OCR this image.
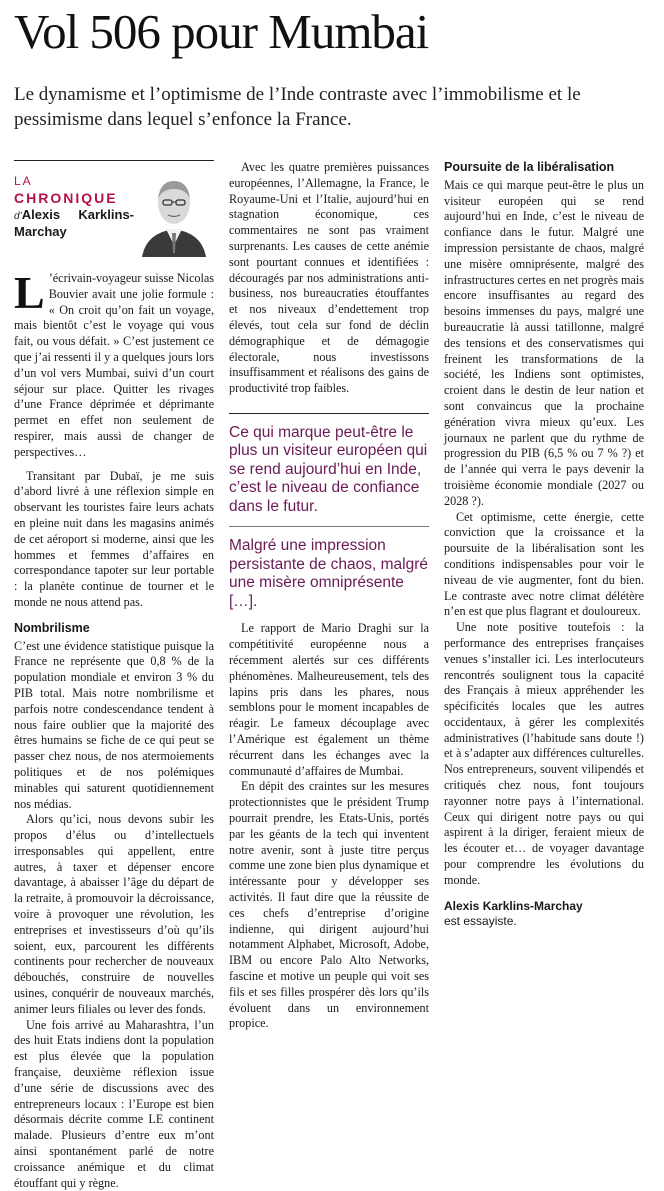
Vol 506 pour Mumbai

Le dynamisme et l’optimisme de l’Inde contraste avec l’immobilisme et le pessimisme dans lequel s’enfonce la France.

LA
CHRONIQUE
d’Alexis Karklins-Marchay

L ’écrivain-voyageur suisse Nicolas Bouvier avait une jolie formule : « On croit qu’on fait un voyage, mais bientôt c’est le voyage qui vous fait, ou vous défait. » C’est justement ce que j’ai ressenti il y a quelques jours lors d’un vol vers Mumbai, suivi d’un court séjour sur place. Quitter les rivages d’une France déprimée et déprimante permet en effet non seulement de respirer, mais aussi de changer de perspectives…

Transitant par Dubaï, je me suis d’abord livré à une réflexion simple en observant les touristes faire leurs achats en pleine nuit dans les magasins animés de cet aéroport si moderne, ainsi que les hommes et femmes d’affaires en correspondance tapoter sur leur portable : la planète continue de tourner et le monde ne nous attend pas.

Nombrilisme

C’est une évidence statistique puisque la France ne représente que 0,8 % de la population mondiale et environ 3 % du PIB total. Mais notre nombrilisme et parfois notre condescendance tendent à nous faire oublier que la majorité des êtres humains se fiche de ce qui peut se passer chez nous, de nos atermoiements politiques et de nos polémiques minables qui saturent quotidiennement nos médias.

Alors qu’ici, nous devons subir les propos d’élus ou d’intellectuels irresponsables qui appellent, entre autres, à taxer et dépenser encore davantage, à abaisser l’âge du départ de la retraite, à promouvoir la décroissance, voire à provoquer une révolution, les entreprises et investisseurs d’où qu’ils soient, eux, parcourent les différents continents pour rechercher de nouveaux débouchés, construire de nouvelles usines, conquérir de nouveaux marchés, animer leurs filiales ou lever des fonds.

Une fois arrivé au Maharashtra, l’un des huit Etats indiens dont la population est plus élevée que la population française, deuxième réflexion issue d’une série de discussions avec des entrepreneurs locaux : l’Europe est bien désormais décrite comme LE continent malade. Plusieurs d’entre eux m’ont ainsi spontanément parlé de notre croissance anémique et du climat étouffant qui y règne.

Avec les quatre premières puissances européennes, l’Allemagne, la France, le Royaume-Uni et l’Italie, aujourd’hui en stagnation économique, ces commentaires ne sont pas vraiment surprenants. Les causes de cette anémie sont pourtant connues et identifiées : découragés par nos administrations anti-business, nos bureaucraties étouffantes et nos niveaux d’endettement trop élevés, tout cela sur fond de déclin démographique et de démagogie électorale, nous investissons insuffisamment et réalisons des gains de productivité trop faibles.

Ce qui marque peut-être le plus un visiteur européen qui se rend aujourd’hui en Inde, c’est le niveau de confiance dans le futur.
Malgré une impression persistante de chaos, malgré une misère omniprésente […].

Le rapport de Mario Draghi sur la compétitivité européenne nous a récemment alertés sur ces différents phénomènes. Malheureusement, tels des lapins pris dans les phares, nous semblons pour le moment incapables de réagir. Le fameux découplage avec l’Amérique est également un thème récurrent dans les échanges avec la communauté d’affaires de Mumbai.

En dépit des craintes sur les mesures protectionnistes que le président Trump pourrait prendre, les Etats-Unis, portés par les géants de la tech qui inventent notre avenir, sont à juste titre perçus comme une zone bien plus dynamique et intéressante pour y développer ses activités. Il faut dire que la réussite de ces chefs d’entreprise d’origine indienne, qui dirigent aujourd’hui notamment Alphabet, Microsoft, Adobe, IBM ou encore Palo Alto Networks, fascine et motive un peuple qui voit ses fils et ses filles prospérer dès lors qu’ils évoluent dans un environnement propice.

Poursuite de la libéralisation

Mais ce qui marque peut-être le plus un visiteur européen qui se rend aujourd’hui en Inde, c’est le niveau de confiance dans le futur. Malgré une impression persistante de chaos, malgré une misère omniprésente, malgré des infrastructures certes en net progrès mais encore insuffisantes au regard des besoins immenses du pays, malgré une bureaucratie là aussi tatillonne, malgré des tensions et des conservatismes qui freinent les transformations de la société, les Indiens sont optimistes, croient dans le destin de leur nation et sont convaincus que la prochaine génération vivra mieux qu’eux. Les journaux ne parlent que du rythme de progression du PIB (6,5 % ou 7 % ?) et de l’année qui verra le pays devenir la troisième économie mondiale (2027 ou 2028 ?).

Cet optimisme, cette énergie, cette conviction que la croissance et la poursuite de la libéralisation sont les conditions indispensables pour voir le niveau de vie augmenter, font du bien. Le contraste avec notre climat délétère n’en est que plus flagrant et douloureux.

Une note positive toutefois : la performance des entreprises françaises venues s’installer ici. Les interlocuteurs rencontrés soulignent tous la capacité des Français à mieux appréhender les spécificités locales que les autres occidentaux, à gérer les complexités administratives (l’habitude sans doute !) et à s’adapter aux différences culturelles. Nos entrepreneurs, souvent vilipendés et critiqués chez nous, font toujours rayonner notre pays à l’international. Ceux qui dirigent notre pays ou qui aspirent à la diriger, feraient mieux de les écouter et… de voyager davantage pour comprendre les évolutions du monde.

Alexis Karklins-Marchay
est essayiste.
